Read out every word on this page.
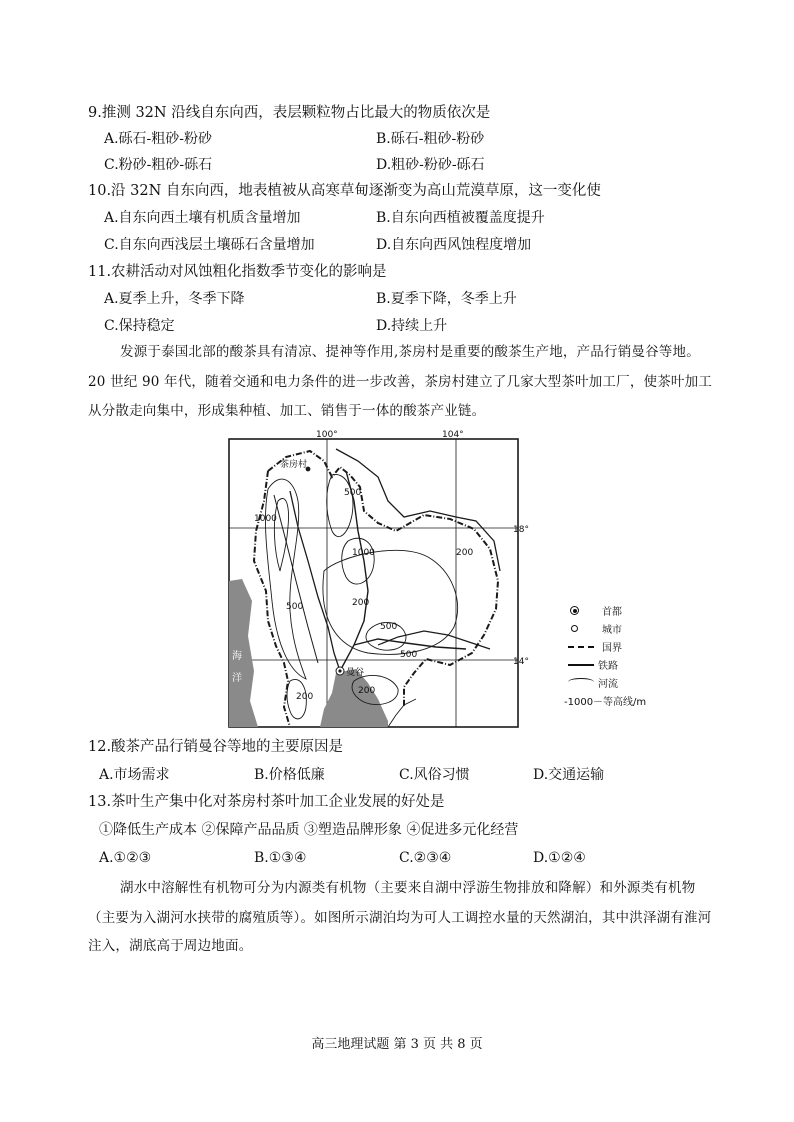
9.推测 32N 沿线自东向西，表层颗粒物占比最大的物质依次是
A.砾石-粗砂-粉砂	B.砾石-粗砂-粉砂
C.粉砂-粗砂-砾石	D.粗砂-粉砂-砾石
10.沿 32N 自东向西，地表植被从高寒草甸逐渐变为高山荒漠草原，这一变化使
A.自东向西土壤有机质含量增加	B.自东向西植被覆盖度提升
C.自东向西浅层土壤砾石含量增加	D.自东向西风蚀程度增加
11.农耕活动对风蚀粗化指数季节变化的影响是
A.夏季上升，冬季下降	B.夏季下降，冬季上升
C.保持稳定	D.持续上升
发源于泰国北部的酸茶具有清凉、提神等作用,茶房村是重要的酸茶生产地，产品行销曼谷等地。
20 世纪 90 年代，随着交通和电力条件的进一步改善，茶房村建立了几家大型茶叶加工厂，使茶叶加工
从分散走向集中，形成集种植、加工、销售于一体的酸茶产业链。
100°	104°
18°
14°
1000
500
1000
500	200
200
500
500
200
200
茶房村
曼谷
海
洋
首都
城市
国界
铁路
河流
-1000－等高线/m
12.酸茶产品行销曼谷等地的主要原因是
A.市场需求	B.价格低廉	C.风俗习惯	D.交通运输
13.茶叶生产集中化对茶房村茶叶加工企业发展的好处是
①降低生产成本 ②保障产品品质 ③塑造品牌形象 ④促进多元化经营
A.①②③	B.①③④	C.②③④	D.①②④
湖水中溶解性有机物可分为内源类有机物（主要来自湖中浮游生物排放和降解）和外源类有机物
（主要为入湖河水挟带的腐殖质等）。如图所示湖泊均为可人工调控水量的天然湖泊，其中洪泽湖有淮河
注入，湖底高于周边地面。
高三地理试题 第 3 页 共 8 页
